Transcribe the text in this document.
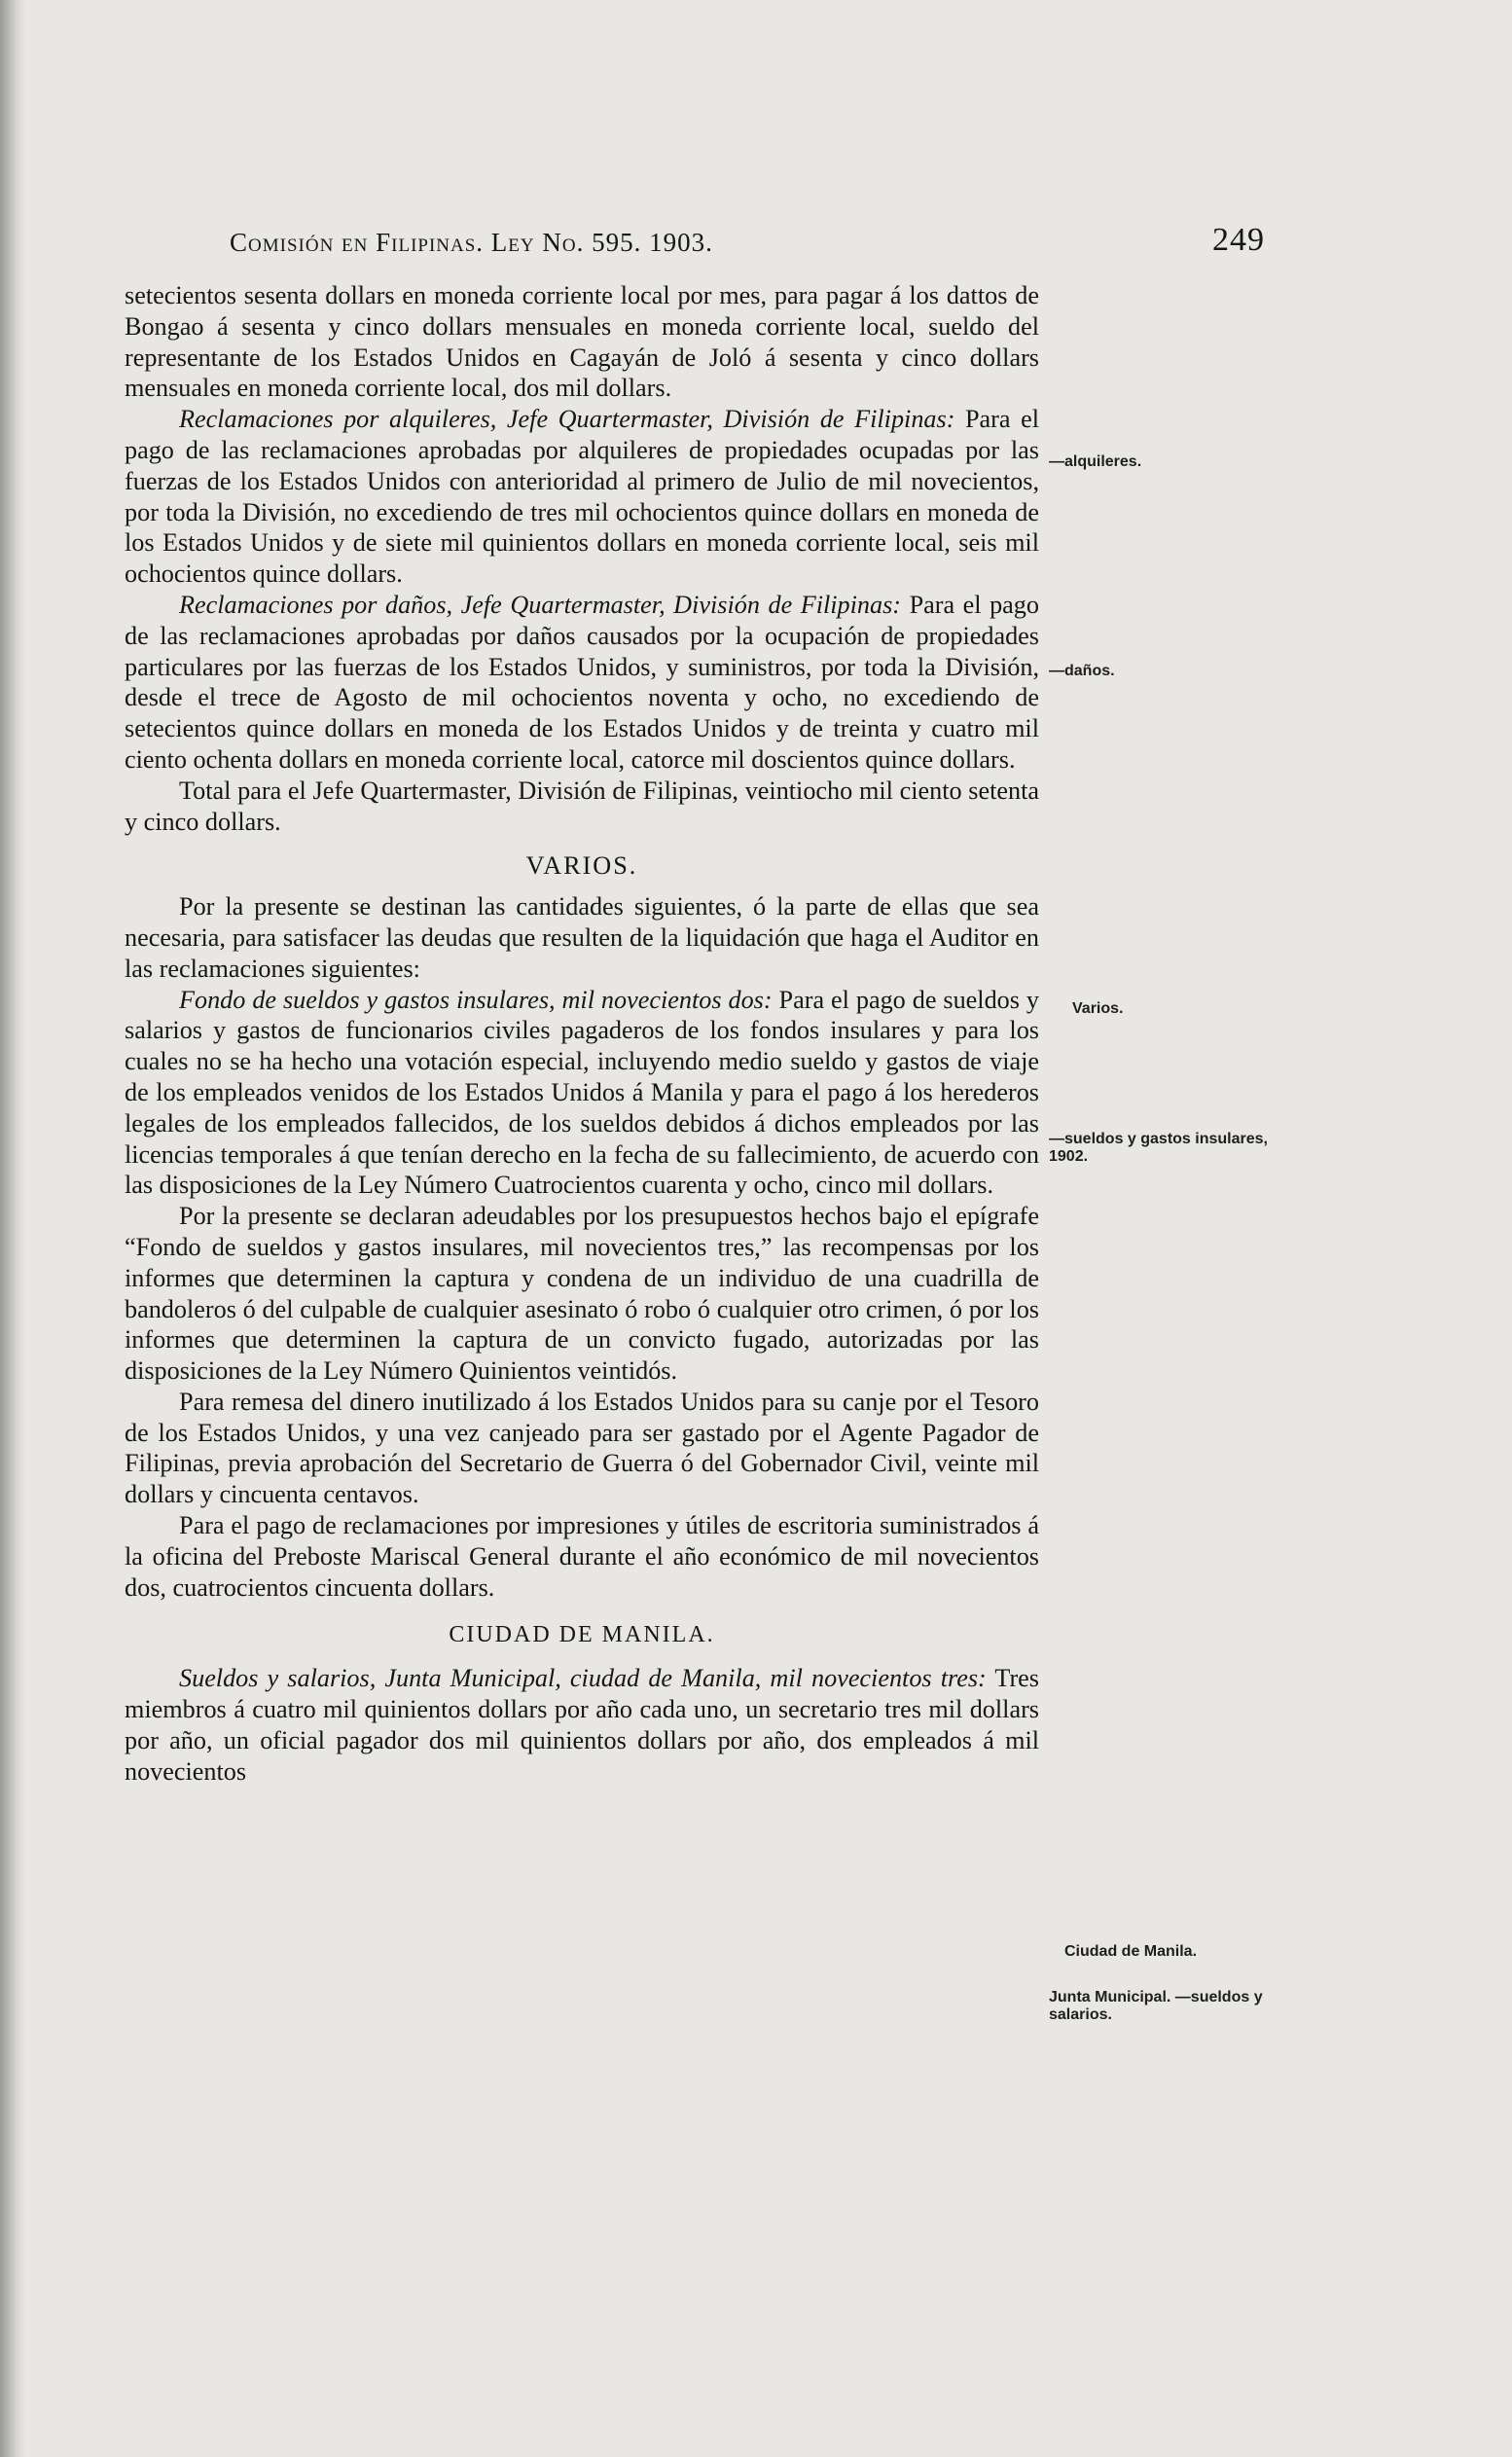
Comisión en Filipinas. Ley No. 595. 1903.	249

setecientos sesenta dollars en moneda corriente local por mes, para pagar á los dattos de Bongao á sesenta y cinco dollars mensuales en moneda corriente local, sueldo del representante de los Estados Unidos en Cagayán de Joló á sesenta y cinco dollars mensuales en moneda corriente local, dos mil dollars.

Reclamaciones por alquileres, Jefe Quartermaster, División de Filipinas: Para el pago de las reclamaciones aprobadas por alquileres de propiedades ocupadas por las fuerzas de los Estados Unidos con anterioridad al primero de Julio de mil novecientos, por toda la División, no excediendo de tres mil ochocientos quince dollars en moneda de los Estados Unidos y de siete mil quinientos dollars en moneda corriente local, seis mil ochocientos quince dollars.

Reclamaciones por daños, Jefe Quartermaster, División de Filipinas: Para el pago de las reclamaciones aprobadas por daños causados por la ocupación de propiedades particulares por las fuerzas de los Estados Unidos, y suministros, por toda la División, desde el trece de Agosto de mil ochocientos noventa y ocho, no excediendo de setecientos quince dollars en moneda de los Estados Unidos y de treinta y cuatro mil ciento ochenta dollars en moneda corriente local, catorce mil doscientos quince dollars.

Total para el Jefe Quartermaster, División de Filipinas, veintiocho mil ciento setenta y cinco dollars.

VARIOS.

Por la presente se destinan las cantidades siguientes, ó la parte de ellas que sea necesaria, para satisfacer las deudas que resulten de la liquidación que haga el Auditor en las reclamaciones siguientes:

Fondo de sueldos y gastos insulares, mil novecientos dos: Para el pago de sueldos y salarios y gastos de funcionarios civiles pagaderos de los fondos insulares y para los cuales no se ha hecho una votación especial, incluyendo medio sueldo y gastos de viaje de los empleados venidos de los Estados Unidos á Manila y para el pago á los herederos legales de los empleados fallecidos, de los sueldos debidos á dichos empleados por las licencias temporales á que tenían derecho en la fecha de su fallecimiento, de acuerdo con las disposiciones de la Ley Número Cuatrocientos cuarenta y ocho, cinco mil dollars.

Por la presente se declaran adeudables por los presupuestos hechos bajo el epígrafe “Fondo de sueldos y gastos insulares, mil novecientos tres,” las recompensas por los informes que determinen la captura y condena de un individuo de una cuadrilla de bandoleros ó del culpable de cualquier asesinato ó robo ó cualquier otro crimen, ó por los informes que determinen la captura de un convicto fugado, autorizadas por las disposiciones de la Ley Número Quinientos veintidós.

Para remesa del dinero inutilizado á los Estados Unidos para su canje por el Tesoro de los Estados Unidos, y una vez canjeado para ser gastado por el Agente Pagador de Filipinas, previa aprobación del Secretario de Guerra ó del Gobernador Civil, veinte mil dollars y cincuenta centavos.

Para el pago de reclamaciones por impresiones y útiles de escritoria suministrados á la oficina del Preboste Mariscal General durante el año económico de mil novecientos dos, cuatrocientos cincuenta dollars.

CIUDAD DE MANILA.

Sueldos y salarios, Junta Municipal, ciudad de Manila, mil novecientos tres: Tres miembros á cuatro mil quinientos dollars por año cada uno, un secretario tres mil dollars por año, un oficial pagador dos mil quinientos dollars por año, dos empleados á mil novecientos

—alquileres.
—daños.
Varios.
—sueldos y gastos insulares, 1902.
Ciudad de Manila.
Junta Municipal. —sueldos y salarios.
